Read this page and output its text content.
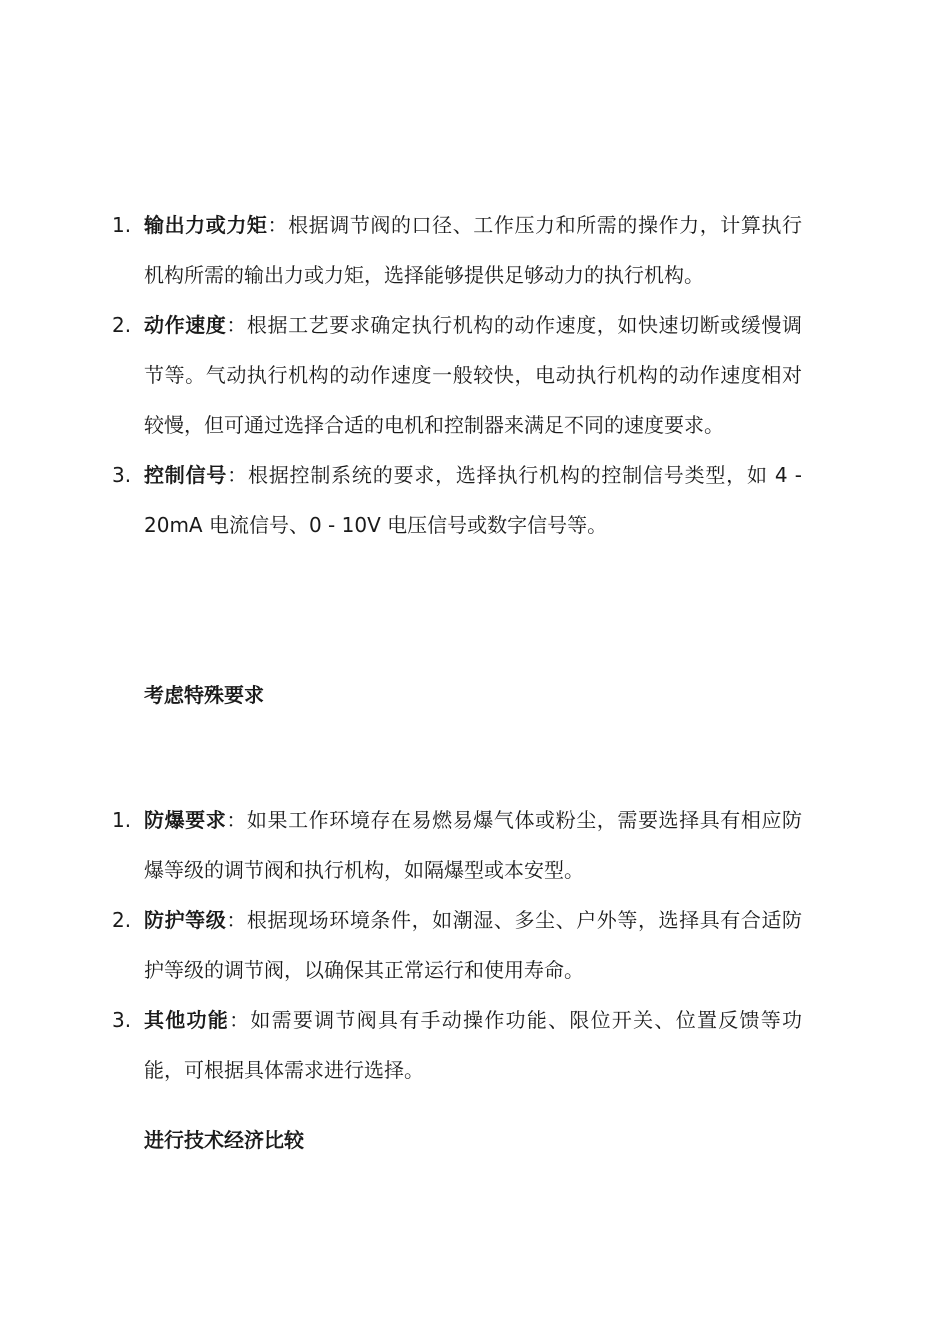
1. 输出力或力矩：根据调节阀的口径、工作压力和所需的操作力，计算执行机构所需的输出力或力矩，选择能够提供足够动力的执行机构。
2. 动作速度：根据工艺要求确定执行机构的动作速度，如快速切断或缓慢调节等。气动执行机构的动作速度一般较快，电动执行机构的动作速度相对较慢，但可通过选择合适的电机和控制器来满足不同的速度要求。
3. 控制信号：根据控制系统的要求，选择执行机构的控制信号类型，如 4 - 20mA 电流信号、0 - 10V 电压信号或数字信号等。
考虑特殊要求
1. 防爆要求：如果工作环境存在易燃易爆气体或粉尘，需要选择具有相应防爆等级的调节阀和执行机构，如隔爆型或本安型。
2. 防护等级：根据现场环境条件，如潮湿、多尘、户外等，选择具有合适防护等级的调节阀，以确保其正常运行和使用寿命。
3. 其他功能：如需要调节阀具有手动操作功能、限位开关、位置反馈等功能，可根据具体需求进行选择。
进行技术经济比较
